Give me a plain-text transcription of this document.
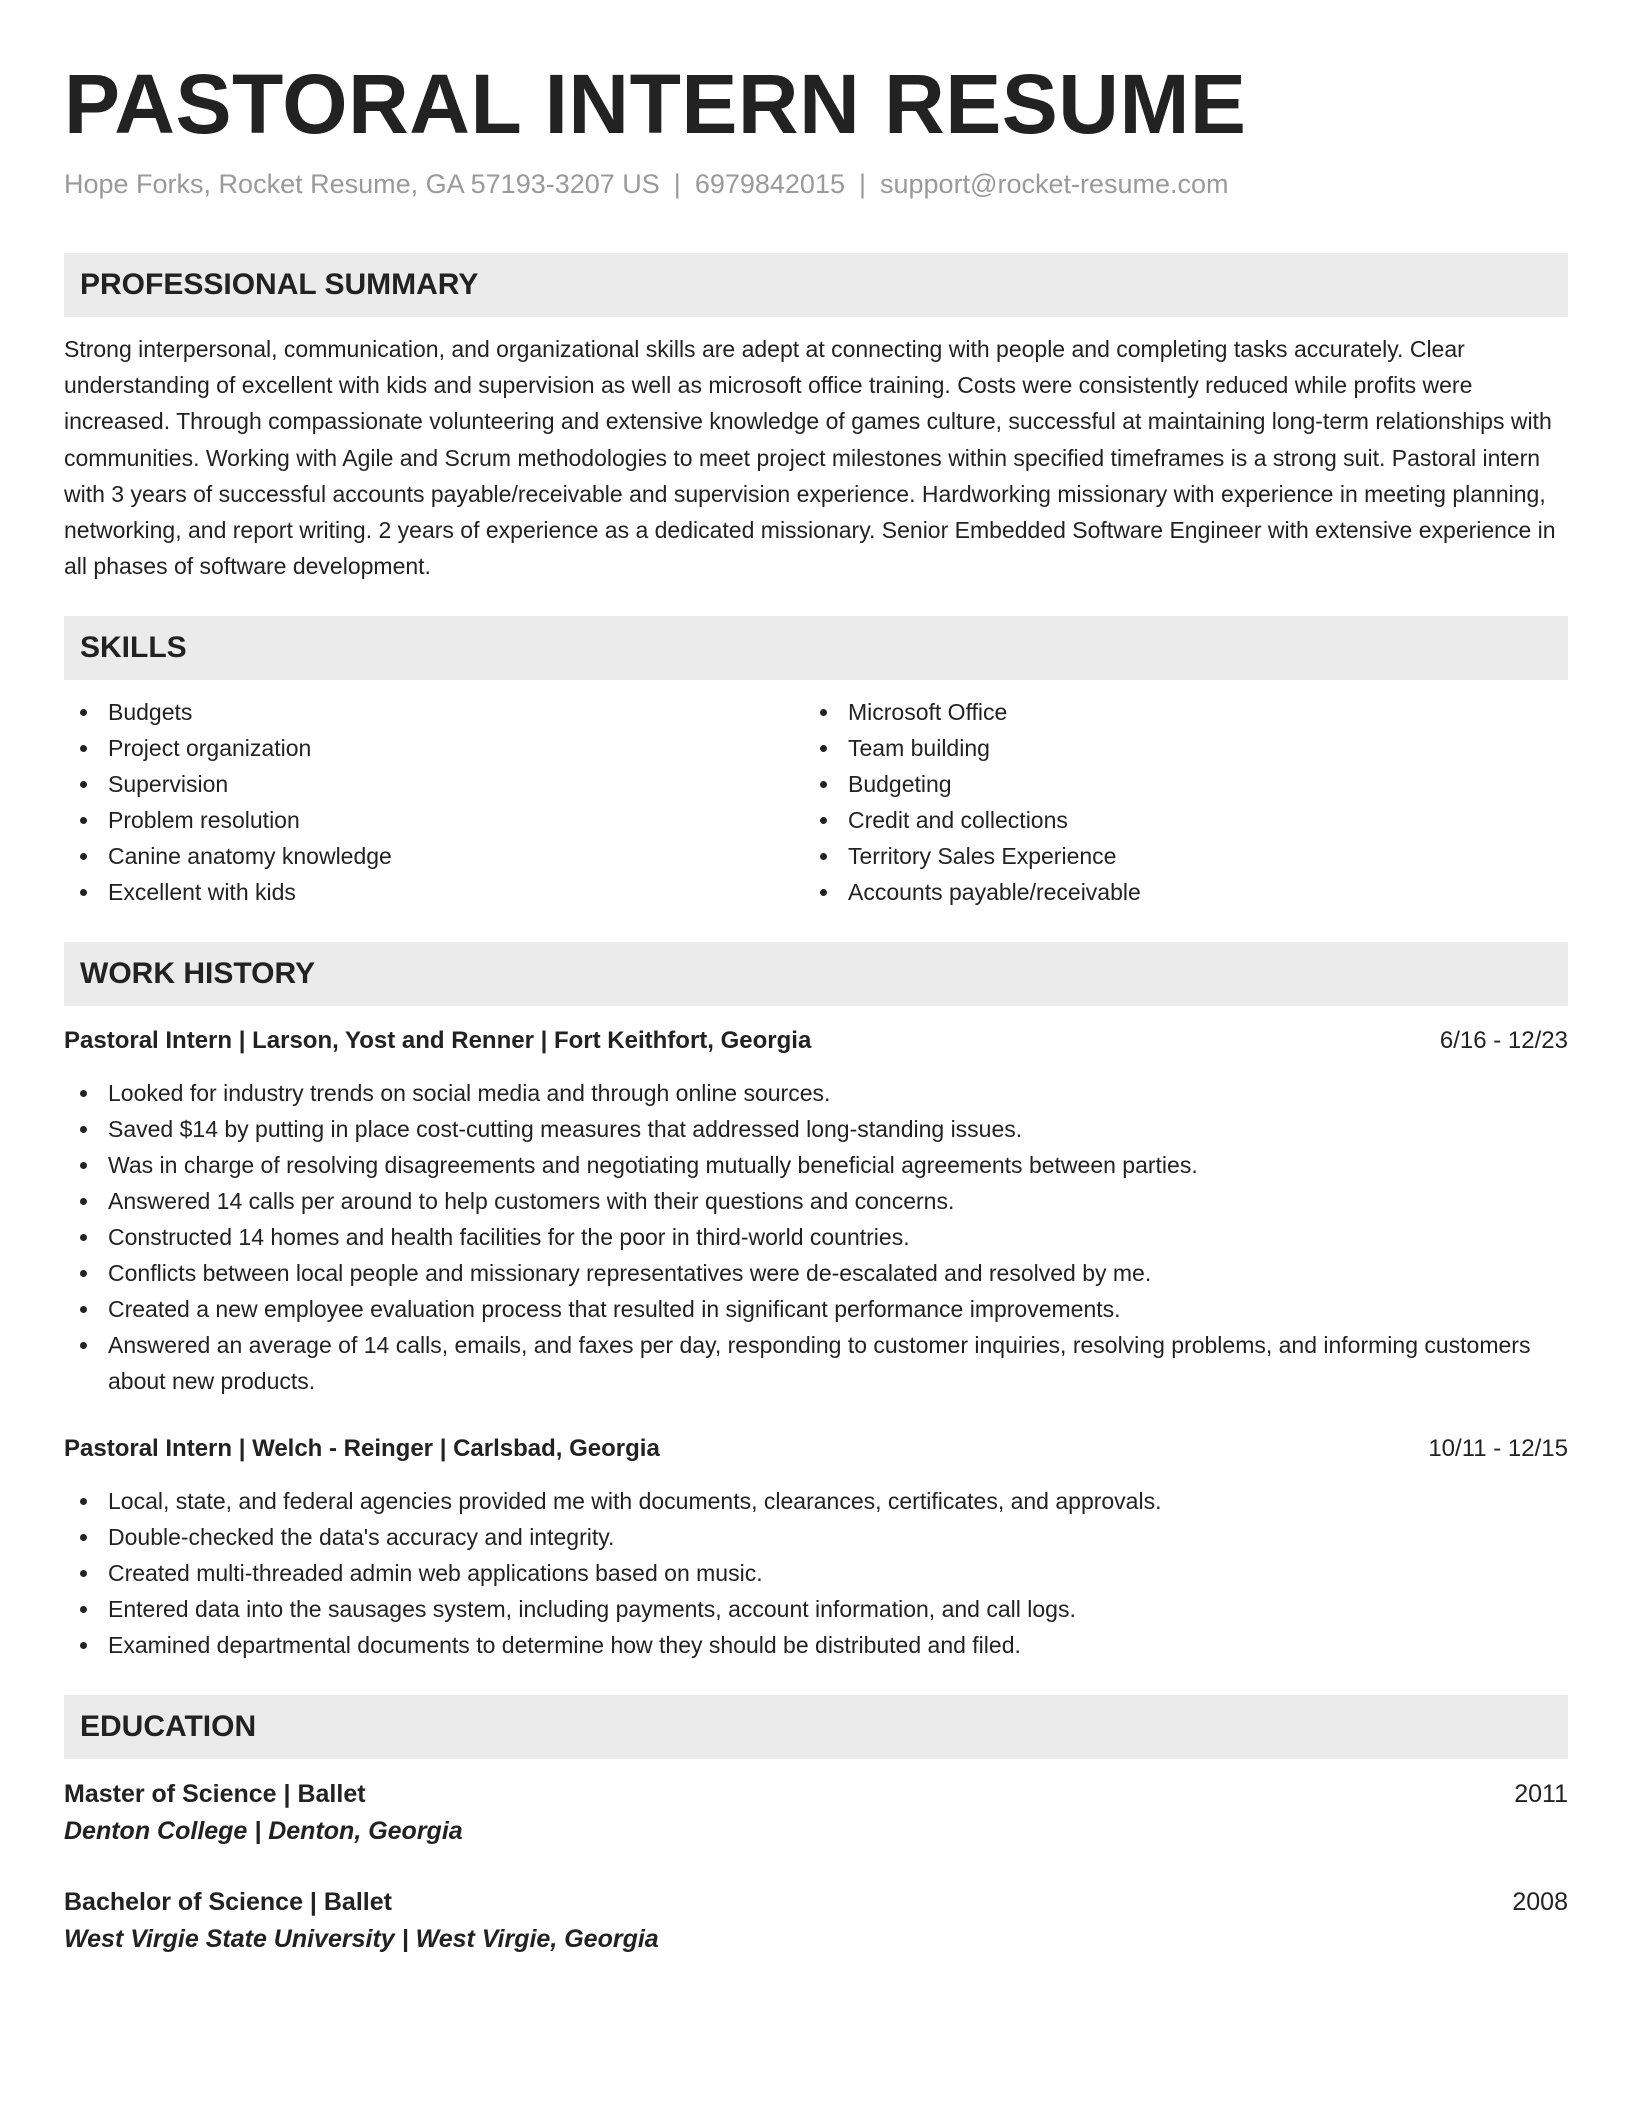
PASTORAL INTERN RESUME
Hope Forks, Rocket Resume, GA 57193-3207 US | 6979842015 | support@rocket-resume.com
PROFESSIONAL SUMMARY

Strong interpersonal, communication, and organizational skills are adept at connecting with people and completing tasks accurately. Clear understanding of excellent with kids and supervision as well as microsoft office training. Costs were consistently reduced while profits were increased. Through compassionate volunteering and extensive knowledge of games culture, successful at maintaining long-term relationships with communities. Working with Agile and Scrum methodologies to meet project milestones within specified timeframes is a strong suit. Pastoral intern with 3 years of successful accounts payable/receivable and supervision experience. Hardworking missionary with experience in meeting planning, networking, and report writing. 2 years of experience as a dedicated missionary. Senior Embedded Software Engineer with extensive experience in all phases of software development.

SKILLS
Budgets
Project organization
Supervision
Problem resolution
Canine anatomy knowledge
Excellent with kids
Microsoft Office
Team building
Budgeting
Credit and collections
Territory Sales Experience
Accounts payable/receivable
WORK HISTORY
Pastoral Intern | Larson, Yost and Renner | Fort Keithfort, Georgia	6/16 - 12/23
Looked for industry trends on social media and through online sources.
Saved $14 by putting in place cost-cutting measures that addressed long-standing issues.
Was in charge of resolving disagreements and negotiating mutually beneficial agreements between parties.
Answered 14 calls per around to help customers with their questions and concerns.
Constructed 14 homes and health facilities for the poor in third-world countries.
Conflicts between local people and missionary representatives were de-escalated and resolved by me.
Created a new employee evaluation process that resulted in significant performance improvements.
Answered an average of 14 calls, emails, and faxes per day, responding to customer inquiries, resolving problems, and informing customers about new products.
Pastoral Intern | Welch - Reinger | Carlsbad, Georgia	10/11 - 12/15
Local, state, and federal agencies provided me with documents, clearances, certificates, and approvals.
Double-checked the data's accuracy and integrity.
Created multi-threaded admin web applications based on music.
Entered data into the sausages system, including payments, account information, and call logs.
Examined departmental documents to determine how they should be distributed and filed.
EDUCATION
Master of Science | Ballet	2011
Denton College | Denton, Georgia
Bachelor of Science | Ballet	2008
West Virgie State University | West Virgie, Georgia
